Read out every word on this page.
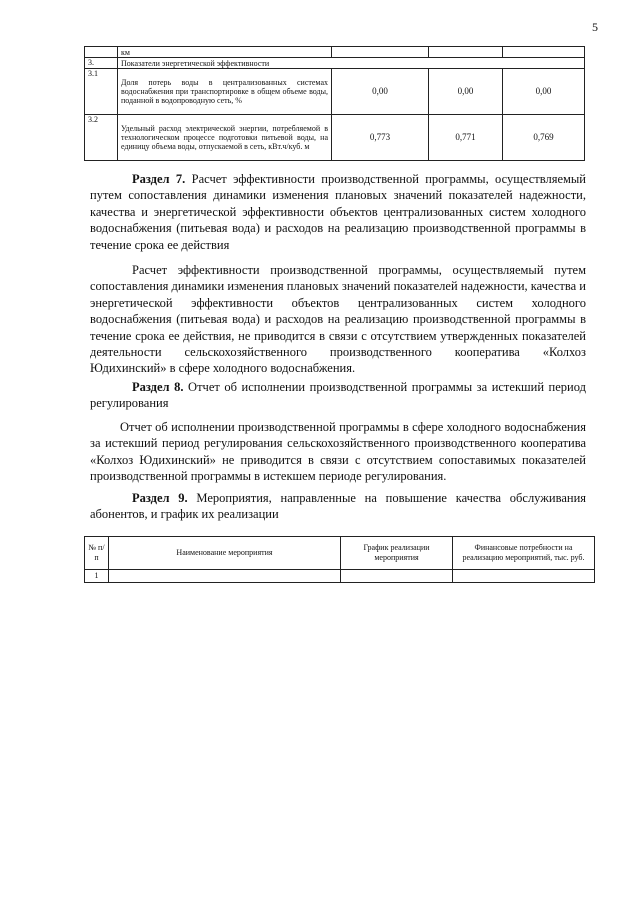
5
	км			
3.	Показатели энергетической эффективности			
3.1	Доля потерь воды в централизованных системах водоснабжения при транспортировке в общем объеме воды, поданной в водопроводную сеть, %	0,00	0,00	0,00
3.2	Удельный расход электрической энергии, потребляемой в технологическом процессе подготовки питьевой воды, на единицу объема воды, отпускаемой в сеть, кВт.ч/куб. м	0,773	0,771	0,769

Раздел 7. Расчет эффективности производственной программы, осуществляемый путем сопоставления динамики изменения плановых значений показателей надежности, качества и энергетической эффективности объектов централизованных систем холодного водоснабжения (питьевая вода) и расходов на реализацию производственной программы в течение срока ее действия

Расчет эффективности производственной программы, осуществляемый путем сопоставления динамики изменения плановых значений показателей надежности, качества и энергетической эффективности объектов централизованных систем холодного водоснабжения (питьевая вода) и расходов на реализацию производственной программы в течение срока ее действия, не приводится в связи с отсутствием утвержденных показателей деятельности сельскохозяйственного производственного кооператива «Колхоз Юдихинский» в сфере холодного водоснабжения.

Раздел 8. Отчет об исполнении производственной программы за истекший период регулирования

Отчет об исполнении производственной программы в сфере холодного водоснабжения за истекший период регулирования сельскохозяйственного производственного кооператива «Колхоз Юдихинский» не приводится в связи с отсутствием сопоставимых показателей производственной программы в истекшем периоде регулирования.

Раздел 9. Мероприятия, направленные на повышение качества обслуживания абонентов, и график их реализации

№ п/п	Наименование мероприятия	График реализации мероприятия	Финансовые потребности на реализацию мероприятий, тыс. руб.
1			
